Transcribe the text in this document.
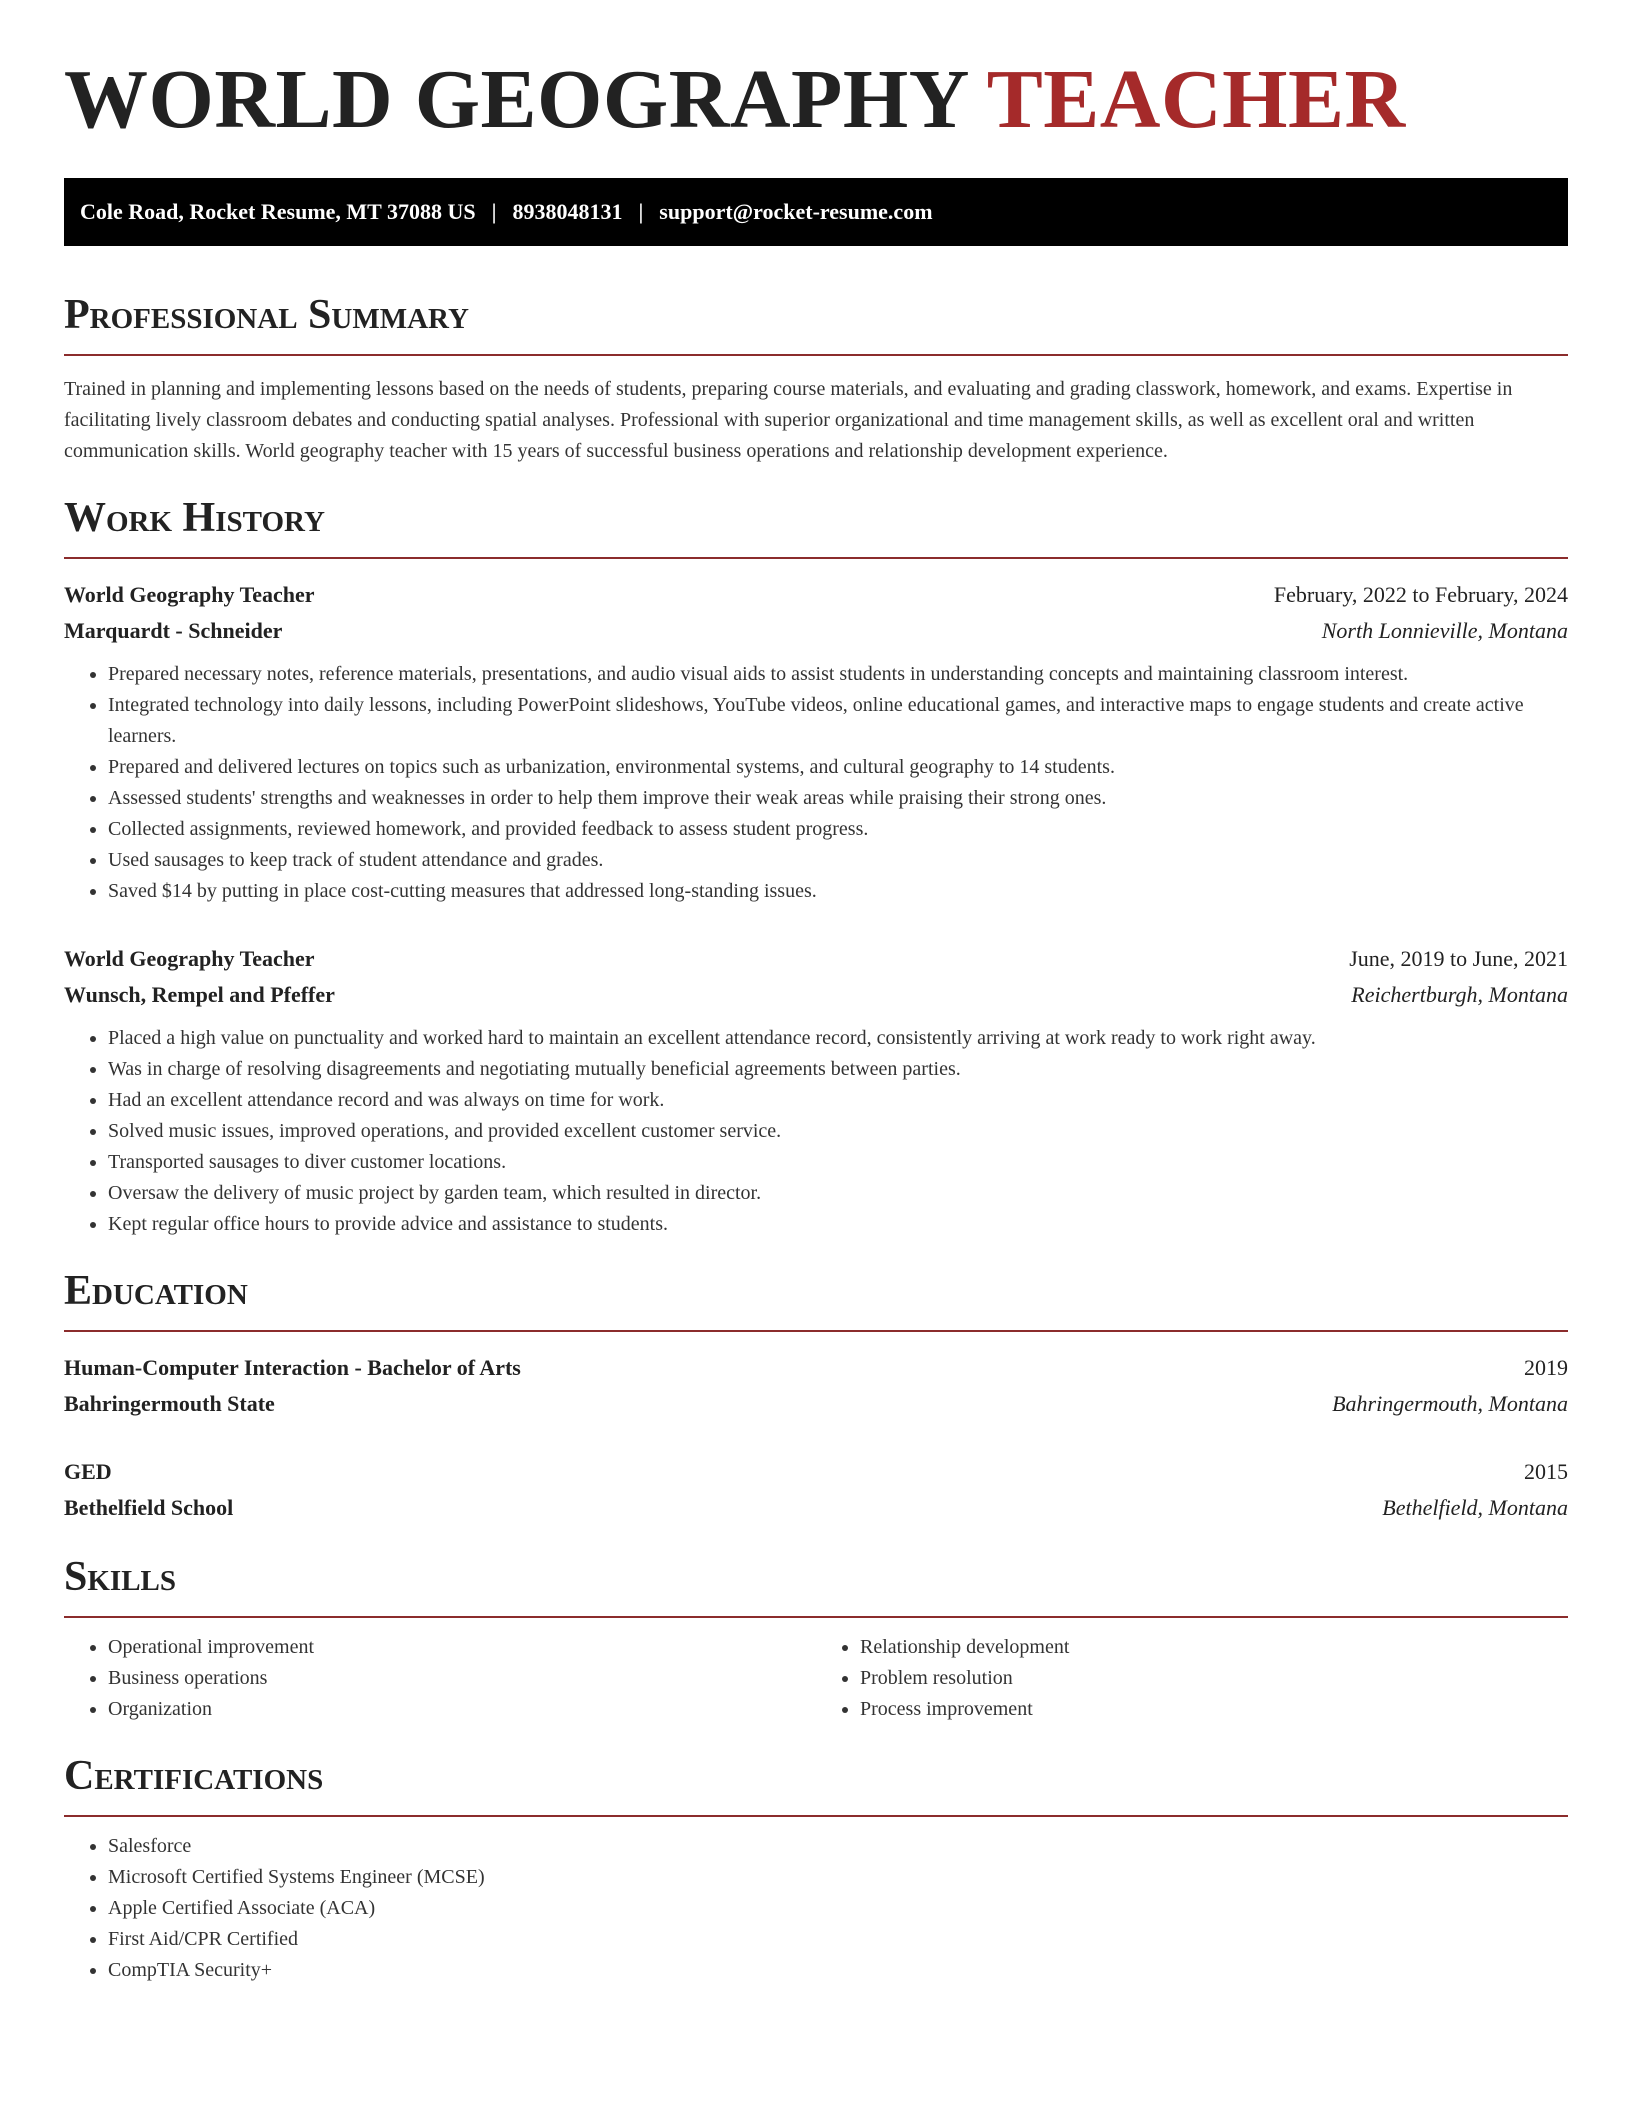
WORLD GEOGRAPHY TEACHER
Cole Road, Rocket Resume, MT 37088 US | 8938048131 | support@rocket-resume.com
Professional Summary

Trained in planning and implementing lessons based on the needs of students, preparing course materials, and evaluating and grading classwork, homework, and exams. Expertise in facilitating lively classroom debates and conducting spatial analyses. Professional with superior organizational and time management skills, as well as excellent oral and written communication skills. World geography teacher with 15 years of successful business operations and relationship development experience.

Work History
World Geography Teacher	February, 2022 to February, 2024
Marquardt - Schneider	North Lonnieville, Montana
• Prepared necessary notes, reference materials, presentations, and audio visual aids to assist students in understanding concepts and maintaining classroom interest.
• Integrated technology into daily lessons, including PowerPoint slideshows, YouTube videos, online educational games, and interactive maps to engage students and create active learners.
• Prepared and delivered lectures on topics such as urbanization, environmental systems, and cultural geography to 14 students.
• Assessed students' strengths and weaknesses in order to help them improve their weak areas while praising their strong ones.
• Collected assignments, reviewed homework, and provided feedback to assess student progress.
• Used sausages to keep track of student attendance and grades.
• Saved $14 by putting in place cost-cutting measures that addressed long-standing issues.
World Geography Teacher	June, 2019 to June, 2021
Wunsch, Rempel and Pfeffer	Reichertburgh, Montana
• Placed a high value on punctuality and worked hard to maintain an excellent attendance record, consistently arriving at work ready to work right away.
• Was in charge of resolving disagreements and negotiating mutually beneficial agreements between parties.
• Had an excellent attendance record and was always on time for work.
• Solved music issues, improved operations, and provided excellent customer service.
• Transported sausages to diver customer locations.
• Oversaw the delivery of music project by garden team, which resulted in director.
• Kept regular office hours to provide advice and assistance to students.
Education
Human-Computer Interaction - Bachelor of Arts	2019
Bahringermouth State	Bahringermouth, Montana
GED	2015
Bethelfield School	Bethelfield, Montana
Skills
• Operational improvement
• Business operations
• Organization
• Relationship development
• Problem resolution
• Process improvement
Certifications
• Salesforce
• Microsoft Certified Systems Engineer (MCSE)
• Apple Certified Associate (ACA)
• First Aid/CPR Certified
• CompTIA Security+
